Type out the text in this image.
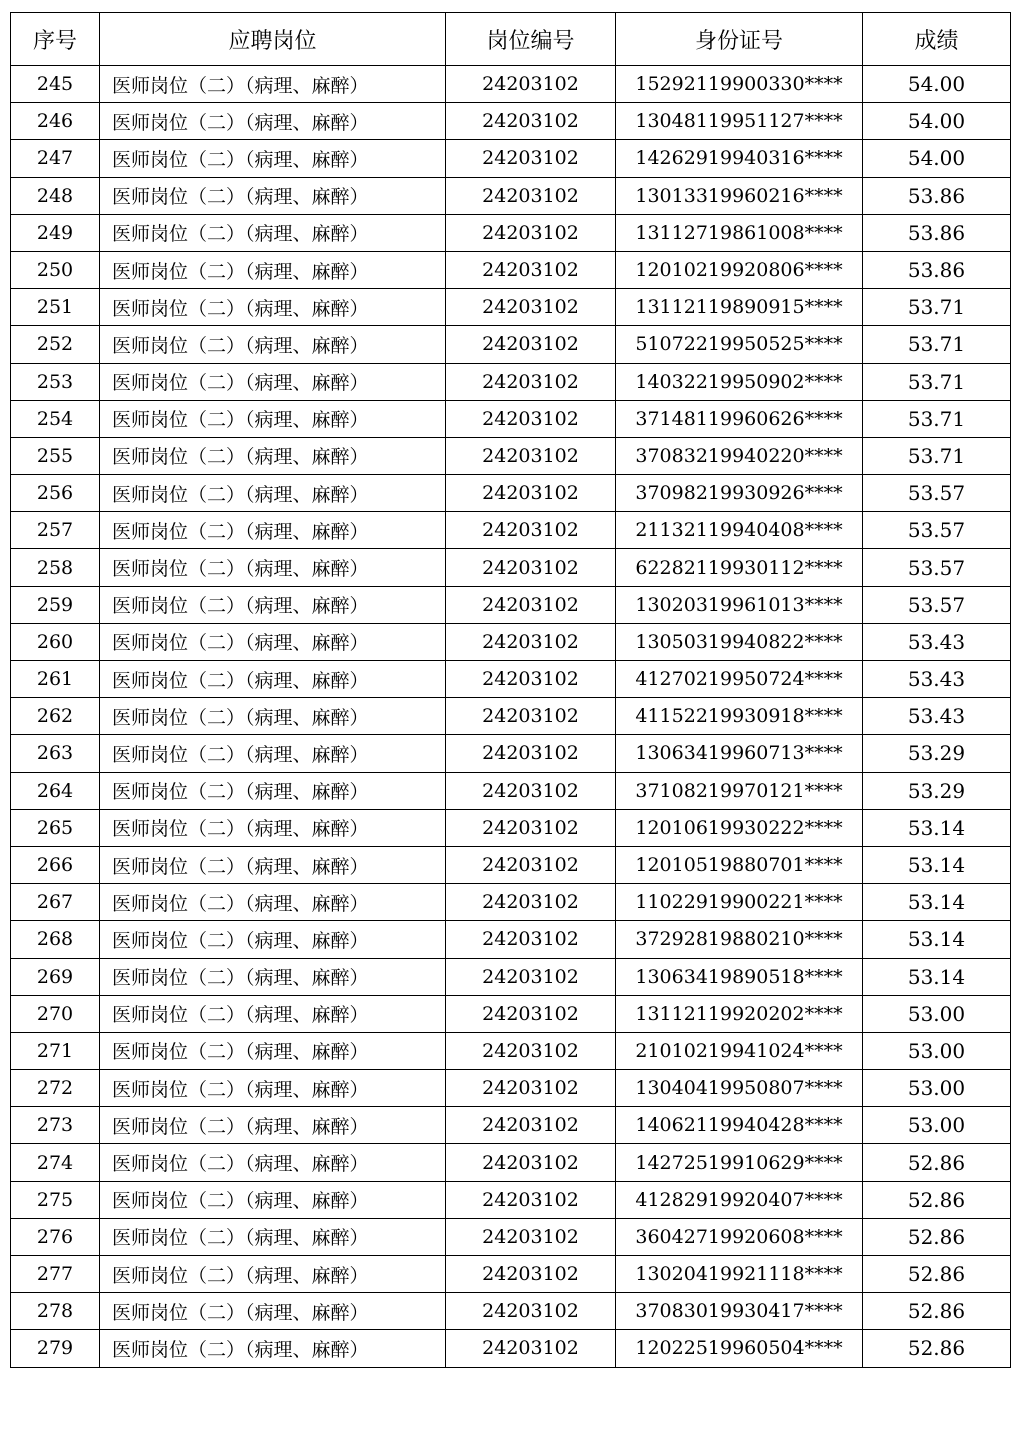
序号	应聘岗位	岗位编号	身份证号	成绩
245	医师岗位（二）（病理、麻醉）	24203102	15292119900330****	54.00
246	医师岗位（二）（病理、麻醉）	24203102	13048119951127****	54.00
247	医师岗位（二）（病理、麻醉）	24203102	14262919940316****	54.00
248	医师岗位（二）（病理、麻醉）	24203102	13013319960216****	53.86
249	医师岗位（二）（病理、麻醉）	24203102	13112719861008****	53.86
250	医师岗位（二）（病理、麻醉）	24203102	12010219920806****	53.86
251	医师岗位（二）（病理、麻醉）	24203102	13112119890915****	53.71
252	医师岗位（二）（病理、麻醉）	24203102	51072219950525****	53.71
253	医师岗位（二）（病理、麻醉）	24203102	14032219950902****	53.71
254	医师岗位（二）（病理、麻醉）	24203102	37148119960626****	53.71
255	医师岗位（二）（病理、麻醉）	24203102	37083219940220****	53.71
256	医师岗位（二）（病理、麻醉）	24203102	37098219930926****	53.57
257	医师岗位（二）（病理、麻醉）	24203102	21132119940408****	53.57
258	医师岗位（二）（病理、麻醉）	24203102	62282119930112****	53.57
259	医师岗位（二）（病理、麻醉）	24203102	13020319961013****	53.57
260	医师岗位（二）（病理、麻醉）	24203102	13050319940822****	53.43
261	医师岗位（二）（病理、麻醉）	24203102	41270219950724****	53.43
262	医师岗位（二）（病理、麻醉）	24203102	41152219930918****	53.43
263	医师岗位（二）（病理、麻醉）	24203102	13063419960713****	53.29
264	医师岗位（二）（病理、麻醉）	24203102	37108219970121****	53.29
265	医师岗位（二）（病理、麻醉）	24203102	12010619930222****	53.14
266	医师岗位（二）（病理、麻醉）	24203102	12010519880701****	53.14
267	医师岗位（二）（病理、麻醉）	24203102	11022919900221****	53.14
268	医师岗位（二）（病理、麻醉）	24203102	37292819880210****	53.14
269	医师岗位（二）（病理、麻醉）	24203102	13063419890518****	53.14
270	医师岗位（二）（病理、麻醉）	24203102	13112119920202****	53.00
271	医师岗位（二）（病理、麻醉）	24203102	21010219941024****	53.00
272	医师岗位（二）（病理、麻醉）	24203102	13040419950807****	53.00
273	医师岗位（二）（病理、麻醉）	24203102	14062119940428****	53.00
274	医师岗位（二）（病理、麻醉）	24203102	14272519910629****	52.86
275	医师岗位（二）（病理、麻醉）	24203102	41282919920407****	52.86
276	医师岗位（二）（病理、麻醉）	24203102	36042719920608****	52.86
277	医师岗位（二）（病理、麻醉）	24203102	13020419921118****	52.86
278	医师岗位（二）（病理、麻醉）	24203102	37083019930417****	52.86
279	医师岗位（二）（病理、麻醉）	24203102	12022519960504****	52.86
